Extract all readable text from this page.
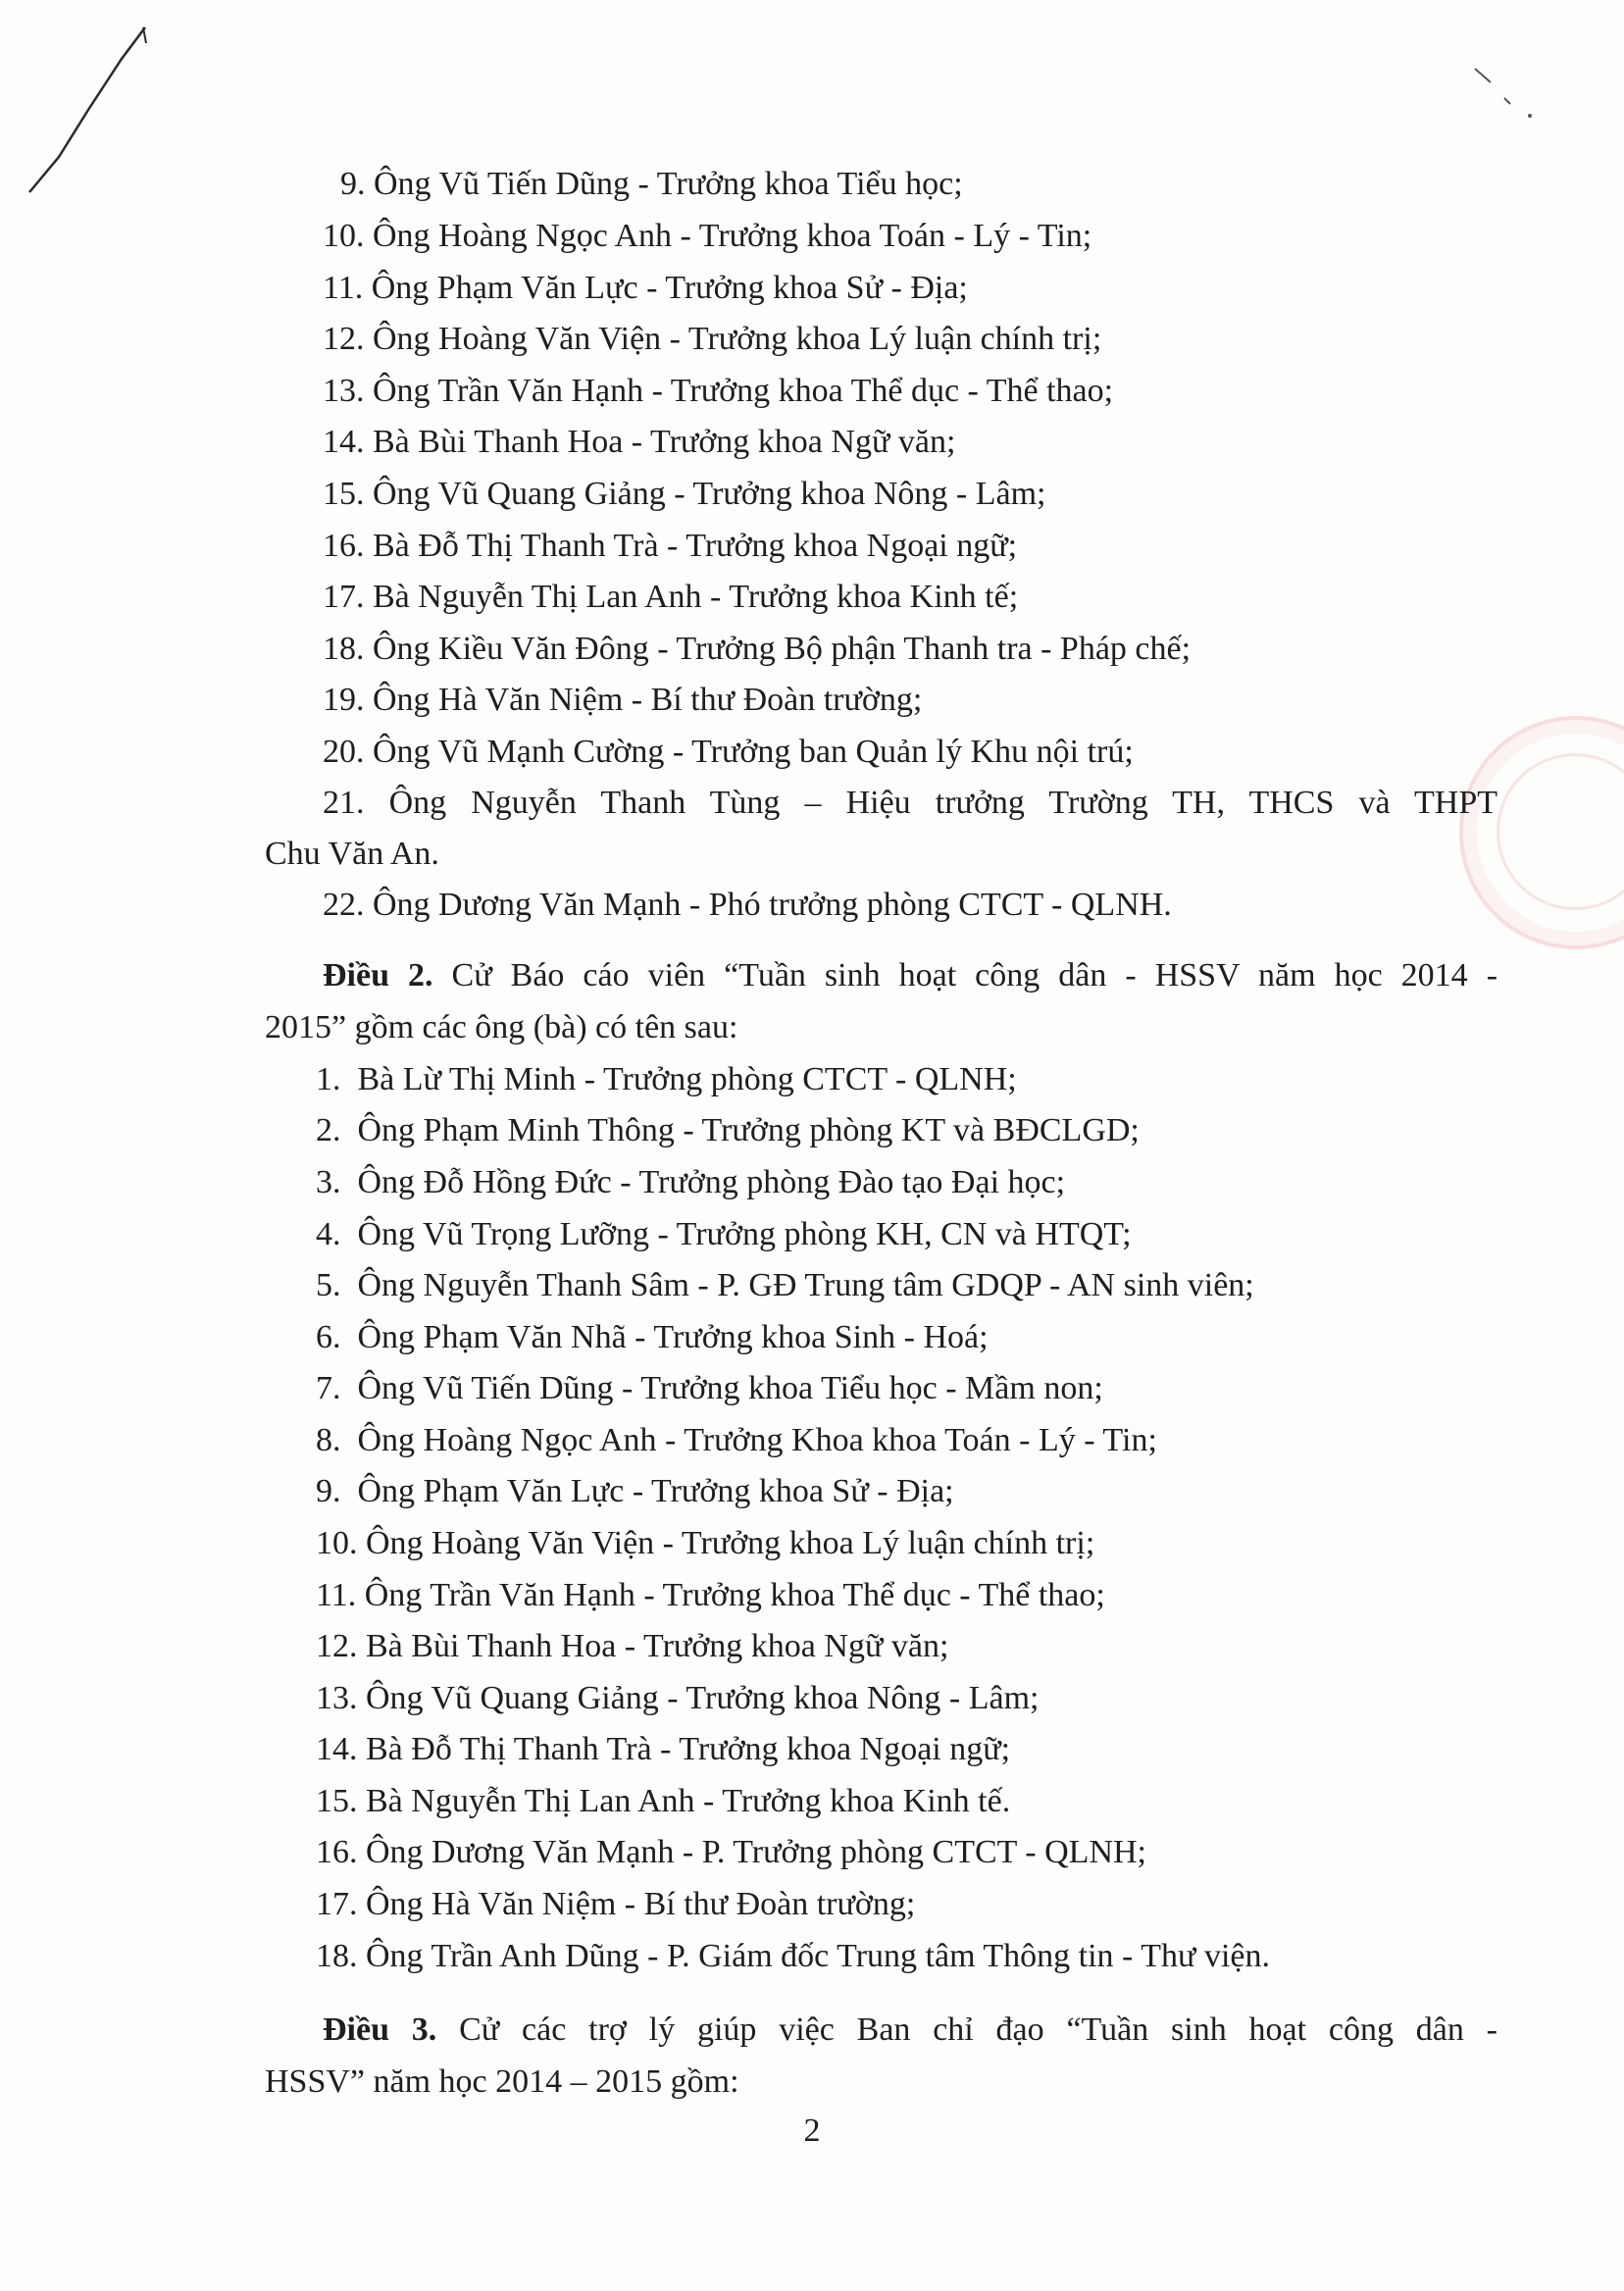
9. Ông Vũ Tiến Dũng - Trưởng khoa Tiểu học;
10. Ông Hoàng Ngọc Anh - Trưởng khoa Toán - Lý - Tin;
11. Ông Phạm Văn Lực - Trưởng khoa Sử - Địa;
12. Ông Hoàng Văn Viện - Trưởng khoa Lý luận chính trị;
13. Ông Trần Văn Hạnh - Trưởng khoa Thể dục - Thể thao;
14. Bà Bùi Thanh Hoa - Trưởng khoa Ngữ văn;
15. Ông Vũ Quang Giảng - Trưởng khoa Nông - Lâm;
16. Bà Đỗ Thị Thanh Trà - Trưởng khoa Ngoại ngữ;
17. Bà Nguyễn Thị Lan Anh - Trưởng khoa Kinh tế;
18. Ông Kiều Văn Đông - Trưởng Bộ phận Thanh tra - Pháp chế;
19. Ông Hà Văn Niệm - Bí thư Đoàn trường;
20. Ông Vũ Mạnh Cường - Trưởng ban Quản lý Khu nội trú;
21. Ông Nguyễn Thanh Tùng – Hiệu trưởng Trường TH, THCS và THPT
Chu Văn An.
22. Ông Dương Văn Mạnh - Phó trưởng phòng CTCT - QLNH.
Điều 2. Cử Báo cáo viên “Tuần sinh hoạt công dân - HSSV năm học 2014 -
2015” gồm các ông (bà) có tên sau:
1. Bà Lừ Thị Minh - Trưởng phòng CTCT - QLNH;
2. Ông Phạm Minh Thông - Trưởng phòng KT và BĐCLGD;
3. Ông Đỗ Hồng Đức - Trưởng phòng Đào tạo Đại học;
4. Ông Vũ Trọng Lưỡng - Trưởng phòng KH, CN và HTQT;
5. Ông Nguyễn Thanh Sâm - P. GĐ Trung tâm GDQP - AN sinh viên;
6. Ông Phạm Văn Nhã - Trưởng khoa Sinh - Hoá;
7. Ông Vũ Tiến Dũng - Trưởng khoa Tiểu học - Mầm non;
8. Ông Hoàng Ngọc Anh - Trưởng Khoa khoa Toán - Lý - Tin;
9. Ông Phạm Văn Lực - Trưởng khoa Sử - Địa;
10. Ông Hoàng Văn Viện - Trưởng khoa Lý luận chính trị;
11. Ông Trần Văn Hạnh - Trưởng khoa Thể dục - Thể thao;
12. Bà Bùi Thanh Hoa - Trưởng khoa Ngữ văn;
13. Ông Vũ Quang Giảng - Trưởng khoa Nông - Lâm;
14. Bà Đỗ Thị Thanh Trà - Trưởng khoa Ngoại ngữ;
15. Bà Nguyễn Thị Lan Anh - Trưởng khoa Kinh tế.
16. Ông Dương Văn Mạnh - P. Trưởng phòng CTCT - QLNH;
17. Ông Hà Văn Niệm - Bí thư Đoàn trường;
18. Ông Trần Anh Dũng - P. Giám đốc Trung tâm Thông tin - Thư viện.
Điều 3. Cử các trợ lý giúp việc Ban chỉ đạo “Tuần sinh hoạt công dân -
HSSV” năm học 2014 – 2015 gồm:
2
